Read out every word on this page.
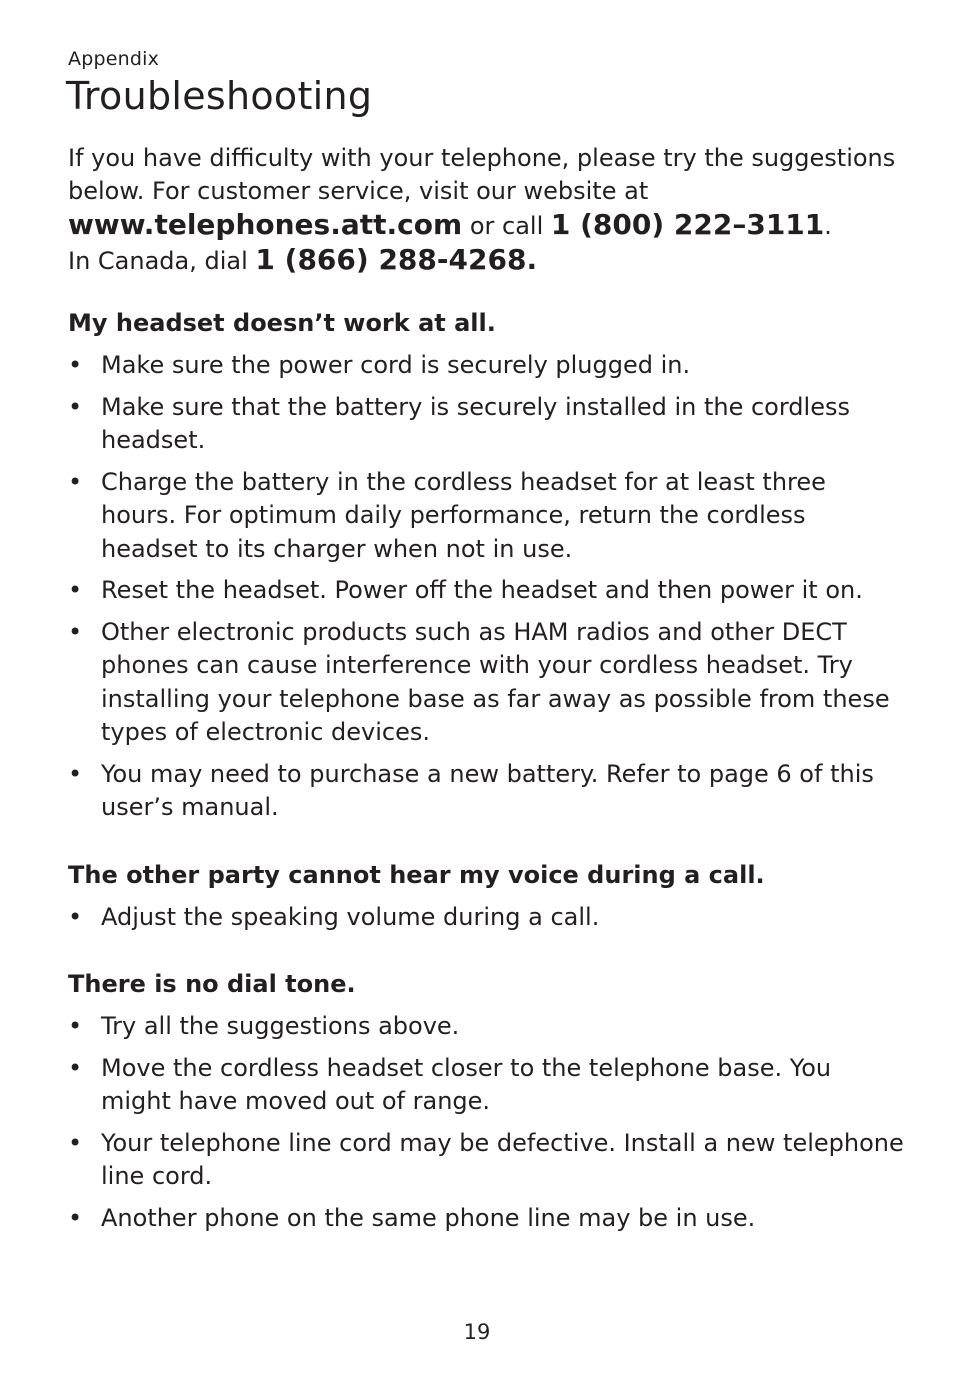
Appendix
Troubleshooting

If you have difficulty with your telephone, please try the suggestions below. For customer service, visit our website at
www.telephones.att.com or call 1 (800) 222–3111.
In Canada, dial 1 (866) 288-4268.

My headset doesn’t work at all.
• Make sure the power cord is securely plugged in.
• Make sure that the battery is securely installed in the cordless headset.
• Charge the battery in the cordless headset for at least three hours. For optimum daily performance, return the cordless headset to its charger when not in use.
• Reset the headset. Power off the headset and then power it on.
• Other electronic products such as HAM radios and other DECT phones can cause interference with your cordless headset. Try installing your telephone base as far away as possible from these types of electronic devices.
• You may need to purchase a new battery. Refer to page 6 of this user’s manual.
The other party cannot hear my voice during a call.
• Adjust the speaking volume during a call.
There is no dial tone.
• Try all the suggestions above.
• Move the cordless headset closer to the telephone base. You might have moved out of range.
• Your telephone line cord may be defective. Install a new telephone line cord.
• Another phone on the same phone line may be in use.
19
